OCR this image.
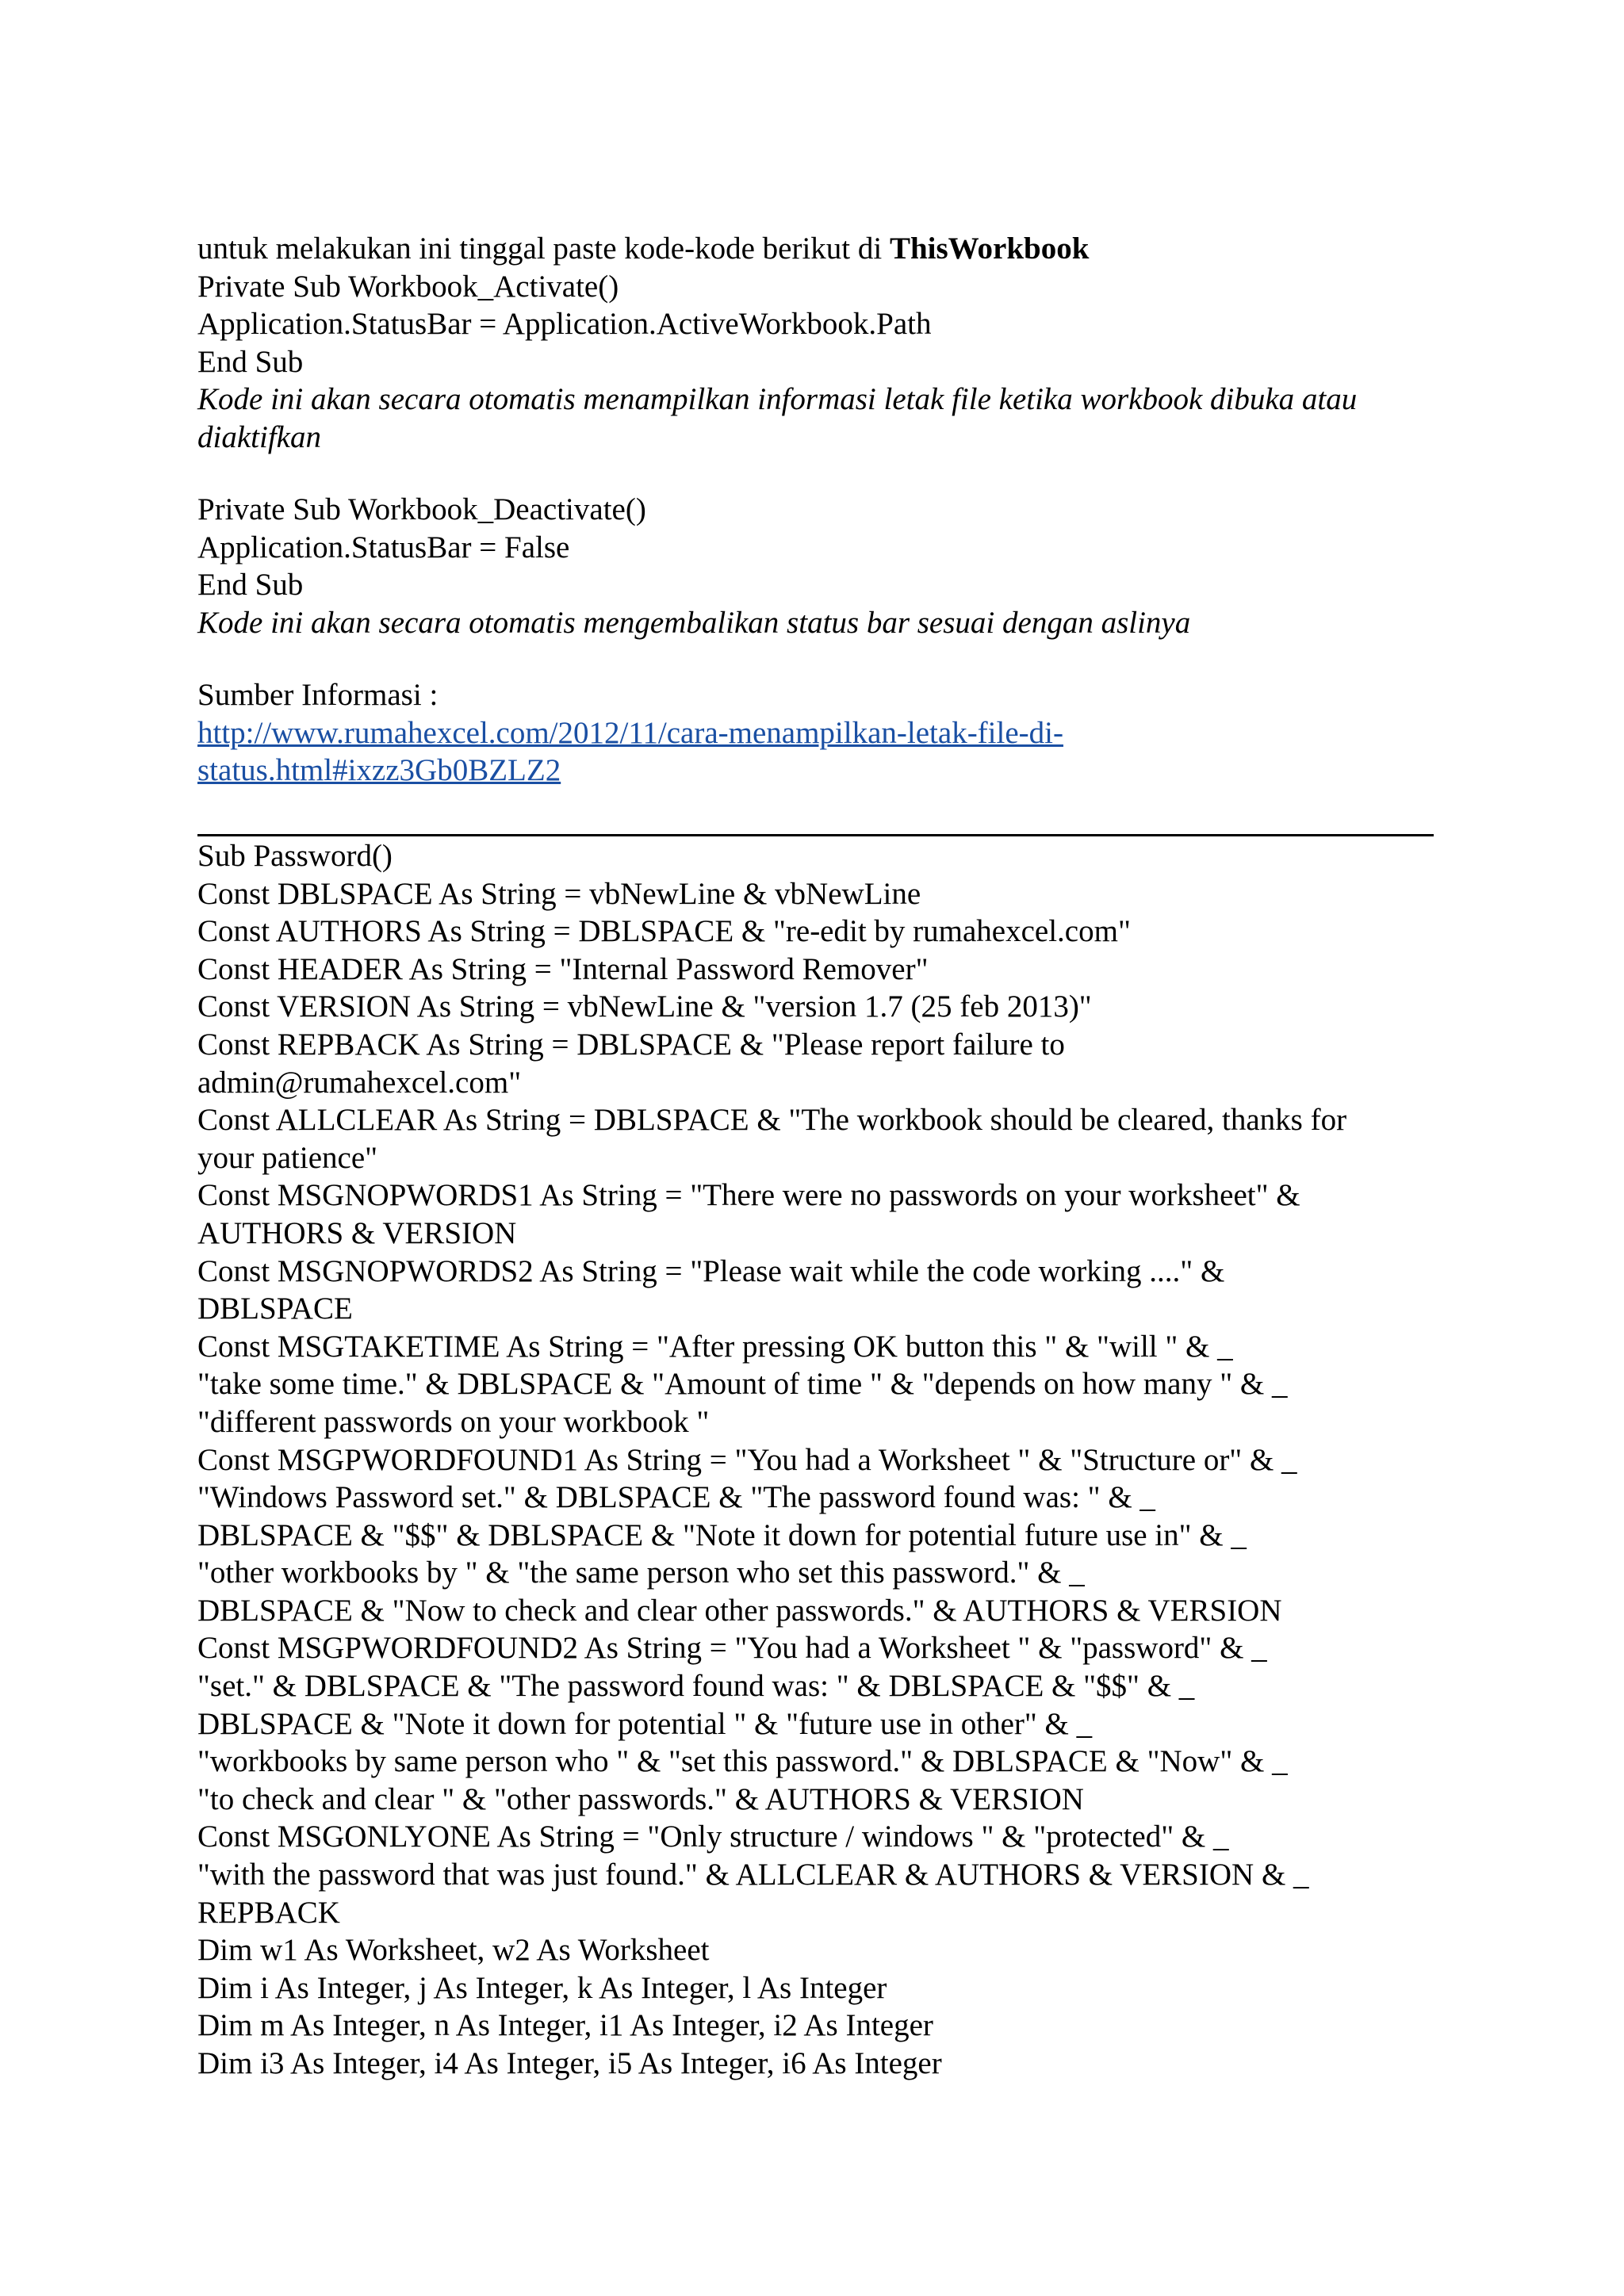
untuk melakukan ini tinggal paste kode-kode berikut di ThisWorkbook
Private Sub Workbook_Activate()
Application.StatusBar = Application.ActiveWorkbook.Path
End Sub
Kode ini akan secara otomatis menampilkan informasi letak file ketika workbook dibuka atau
diaktifkan
Private Sub Workbook_Deactivate()
Application.StatusBar = False
End Sub
Kode ini akan secara otomatis mengembalikan status bar sesuai dengan aslinya
Sumber Informasi :
http://www.rumahexcel.com/2012/11/cara-menampilkan-letak-file-di-
status.html#ixzz3Gb0BZLZ2
Sub Password()
Const DBLSPACE As String = vbNewLine & vbNewLine
Const AUTHORS As String = DBLSPACE & "re-edit by rumahexcel.com"
Const HEADER As String = "Internal Password Remover"
Const VERSION As String = vbNewLine & "version 1.7 (25 feb 2013)"
Const REPBACK As String = DBLSPACE & "Please report failure to
admin@rumahexcel.com"
Const ALLCLEAR As String = DBLSPACE & "The workbook should be cleared, thanks for
your patience"
Const MSGNOPWORDS1 As String = "There were no passwords on your worksheet" &
AUTHORS & VERSION
Const MSGNOPWORDS2 As String = "Please wait while the code working ...." &
DBLSPACE
Const MSGTAKETIME As String = "After pressing OK button this " & "will " & _
"take some time." & DBLSPACE & "Amount of time " & "depends on how many " & _
"different passwords on your workbook "
Const MSGPWORDFOUND1 As String = "You had a Worksheet " & "Structure or" & _
"Windows Password set." & DBLSPACE & "The password found was: " & _
DBLSPACE & "$$" & DBLSPACE & "Note it down for potential future use in" & _
"other workbooks by " & "the same person who set this password." & _
DBLSPACE & "Now to check and clear other passwords." & AUTHORS & VERSION
Const MSGPWORDFOUND2 As String = "You had a Worksheet " & "password" & _
"set." & DBLSPACE & "The password found was: " & DBLSPACE & "$$" & _
DBLSPACE & "Note it down for potential " & "future use in other" & _
"workbooks by same person who " & "set this password." & DBLSPACE & "Now" & _
"to check and clear " & "other passwords." & AUTHORS & VERSION
Const MSGONLYONE As String = "Only structure / windows " & "protected" & _
"with the password that was just found." & ALLCLEAR & AUTHORS & VERSION & _
REPBACK
Dim w1 As Worksheet, w2 As Worksheet
Dim i As Integer, j As Integer, k As Integer, l As Integer
Dim m As Integer, n As Integer, i1 As Integer, i2 As Integer
Dim i3 As Integer, i4 As Integer, i5 As Integer, i6 As Integer
